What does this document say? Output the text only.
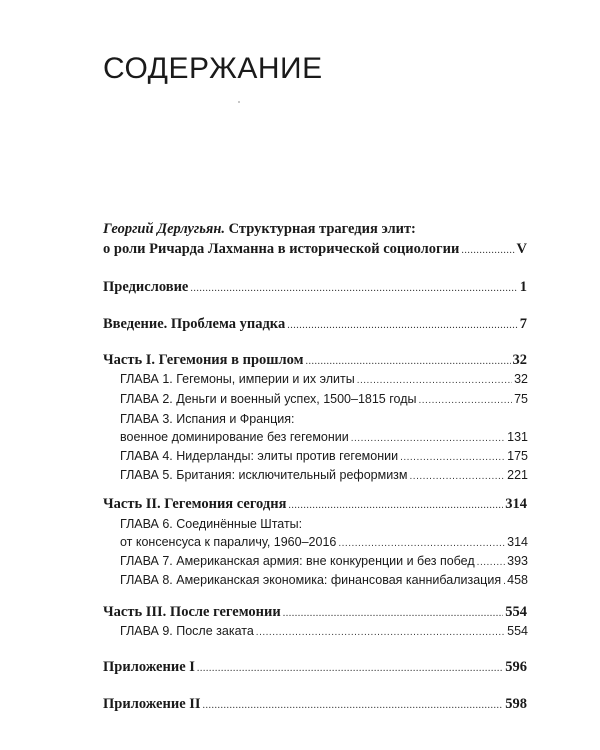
СОДЕРЖАНИЕ
Георгий Дерлугьян. Структурная трагедия элит:
о роли Ричарда Лахманна в исторической социологии .....	V
Предисловие .....	1
Введение. Проблема упадка .....	7
Часть I. Гегемония в прошлом .....	32
ГЛАВА 1. Гегемоны, империи и их элиты .....	32
ГЛАВА 2. Деньги и военный успех, 1500–1815 годы .....	75
ГЛАВА 3. Испания и Франция:
военное доминирование без гегемонии .....	131
ГЛАВА 4. Нидерланды: элиты против гегемонии .....	175
ГЛАВА 5. Британия: исключительный реформизм .....	221
Часть II. Гегемония сегодня .....	314
ГЛАВА 6. Соединённые Штаты:
от консенсуса к параличу, 1960–2016 .....	314
ГЛАВА 7. Американская армия: вне конкуренции и без побед .....	393
ГЛАВА 8. Американская экономика: финансовая каннибализация ..... 458
Часть III. После гегемонии .....	554
ГЛАВА 9. После заката .....	554
Приложение I .....	596
Приложение II .....	598
